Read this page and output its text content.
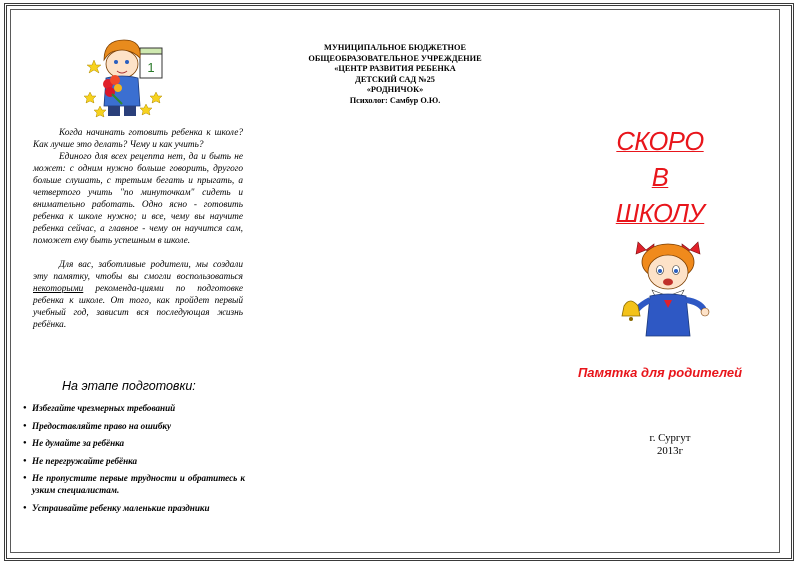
1
МУНИЦИПАЛЬНОЕ БЮДЖЕТНОЕ
ОБЩЕОБРАЗОВАТЕЛЬНОЕ УЧРЕЖДЕНИЕ
«ЦЕНТР РАЗВИТИЯ РЕБЕНКА
ДЕТСКИЙ САД №25
«РОДНИЧОК»
Психолог: Самбур О.Ю.

Когда начинать готовить ребенка к школе? Как лучше это делать? Чему и как учить?

Единого для всех рецепта нет, да и быть не может: с одним нужно больше говорить, другого больше слушать, с третьим бегать и прыгать, а четвертого учить "по минуточкам" сидеть и внимательно работать. Одно ясно - готовить ребенка к школе нужно; и все, чему вы научите ребенка сейчас, а главное - чему он научится сам, поможет ему быть успешным в школе.

Для вас, заботливые родители, мы создали эту памятку, чтобы вы смогли воспользоваться некоторыми рекоменда-циями по подготовке ребенка к школе. От того, как пройдет первый учебный год, зависит вся последующая жизнь ребёнка.

На этапе подготовки:
● Избегайте чрезмерных требований
● Предоставляйте право на ошибку
● Не думайте за ребёнка
● Не перегружайте ребёнка
● Не пропустите первые трудности и обратитесь к узким специалистам.
● Устраивайте ребенку маленькие праздники
СКОРО
В
ШКОЛУ
Памятка для родителей
г. Сургут
2013г
